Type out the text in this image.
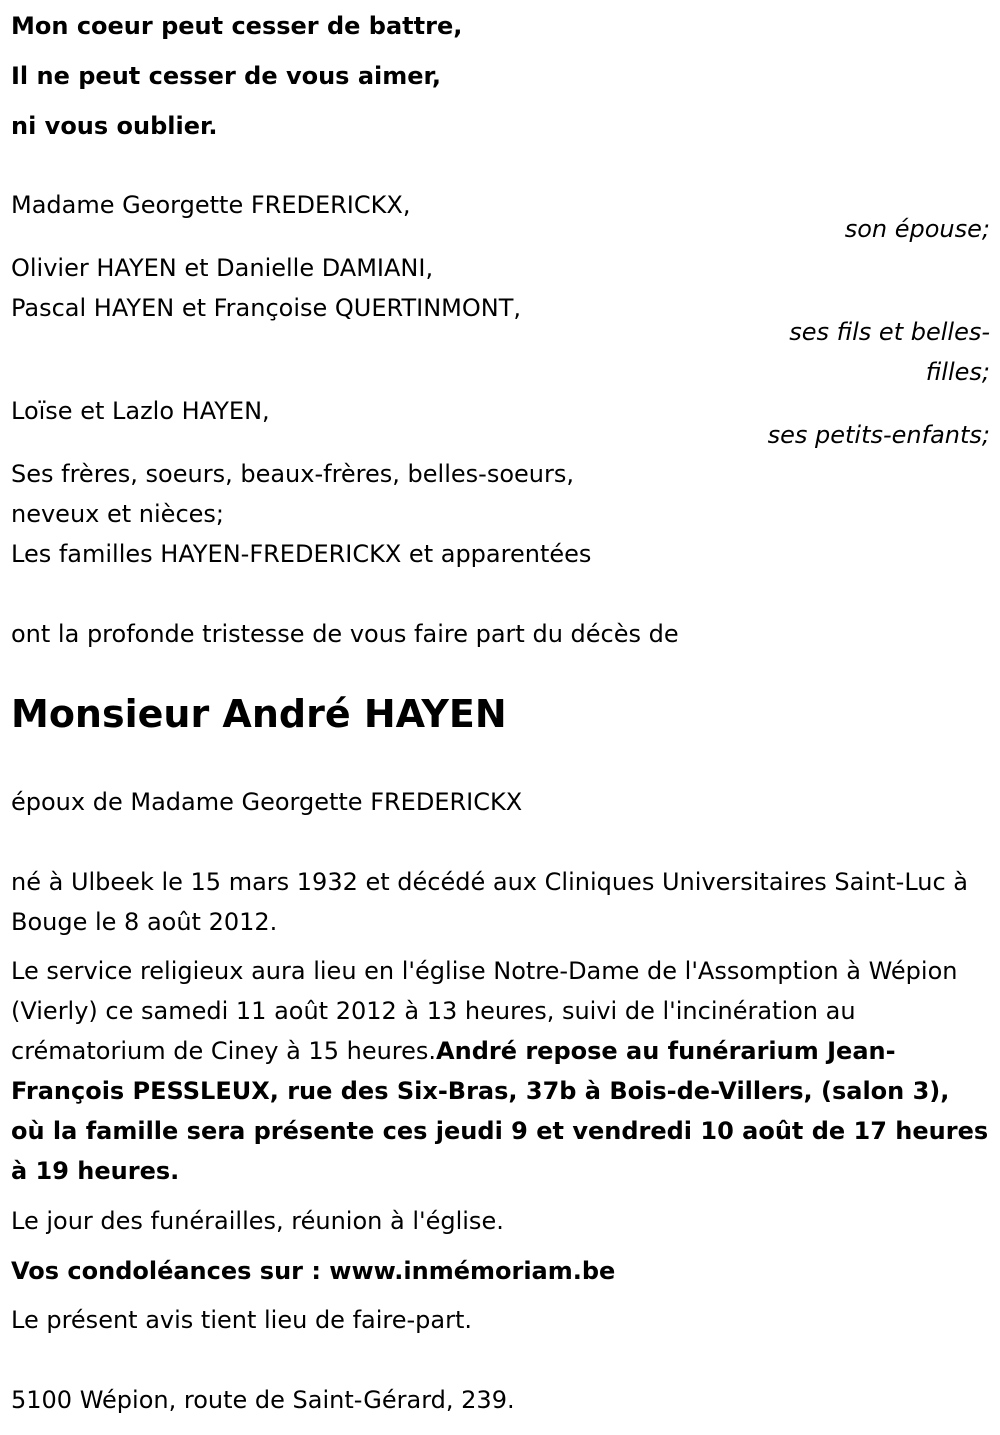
Mon coeur peut cesser de battre,

Il ne peut cesser de vous aimer,

ni vous oublier.

Madame Georgette FREDERICKX,

son épouse;

Olivier HAYEN et Danielle DAMIANI,

Pascal HAYEN et Françoise QUERTINMONT,

ses fils et belles-
filles;

Loïse et Lazlo HAYEN,

ses petits-enfants;

Ses frères, soeurs, beaux-frères, belles-soeurs,

neveux et nièces;

Les familles HAYEN-FREDERICKX et apparentées

ont la profonde tristesse de vous faire part du décès de

Monsieur André HAYEN

époux de Madame Georgette FREDERICKX

né à Ulbeek le 15 mars 1932 et décédé aux Cliniques Universitaires Saint-Luc à Bouge le 8 août 2012.

Le service religieux aura lieu en l'église Notre-Dame de l'Assomption à Wépion (Vierly) ce samedi 11 août 2012 à 13 heures, suivi de l'incinération au crématorium de Ciney à 15 heures.André repose au funérarium Jean-François PESSLEUX, rue des Six-Bras, 37b à Bois-de-Villers, (salon 3), où la famille sera présente ces jeudi 9 et vendredi 10 août de 17 heures à 19 heures.

Le jour des funérailles, réunion à l'église.

Vos condoléances sur : www.inmémoriam.be

Le présent avis tient lieu de faire-part.

5100 Wépion, route de Saint-Gérard, 239.
